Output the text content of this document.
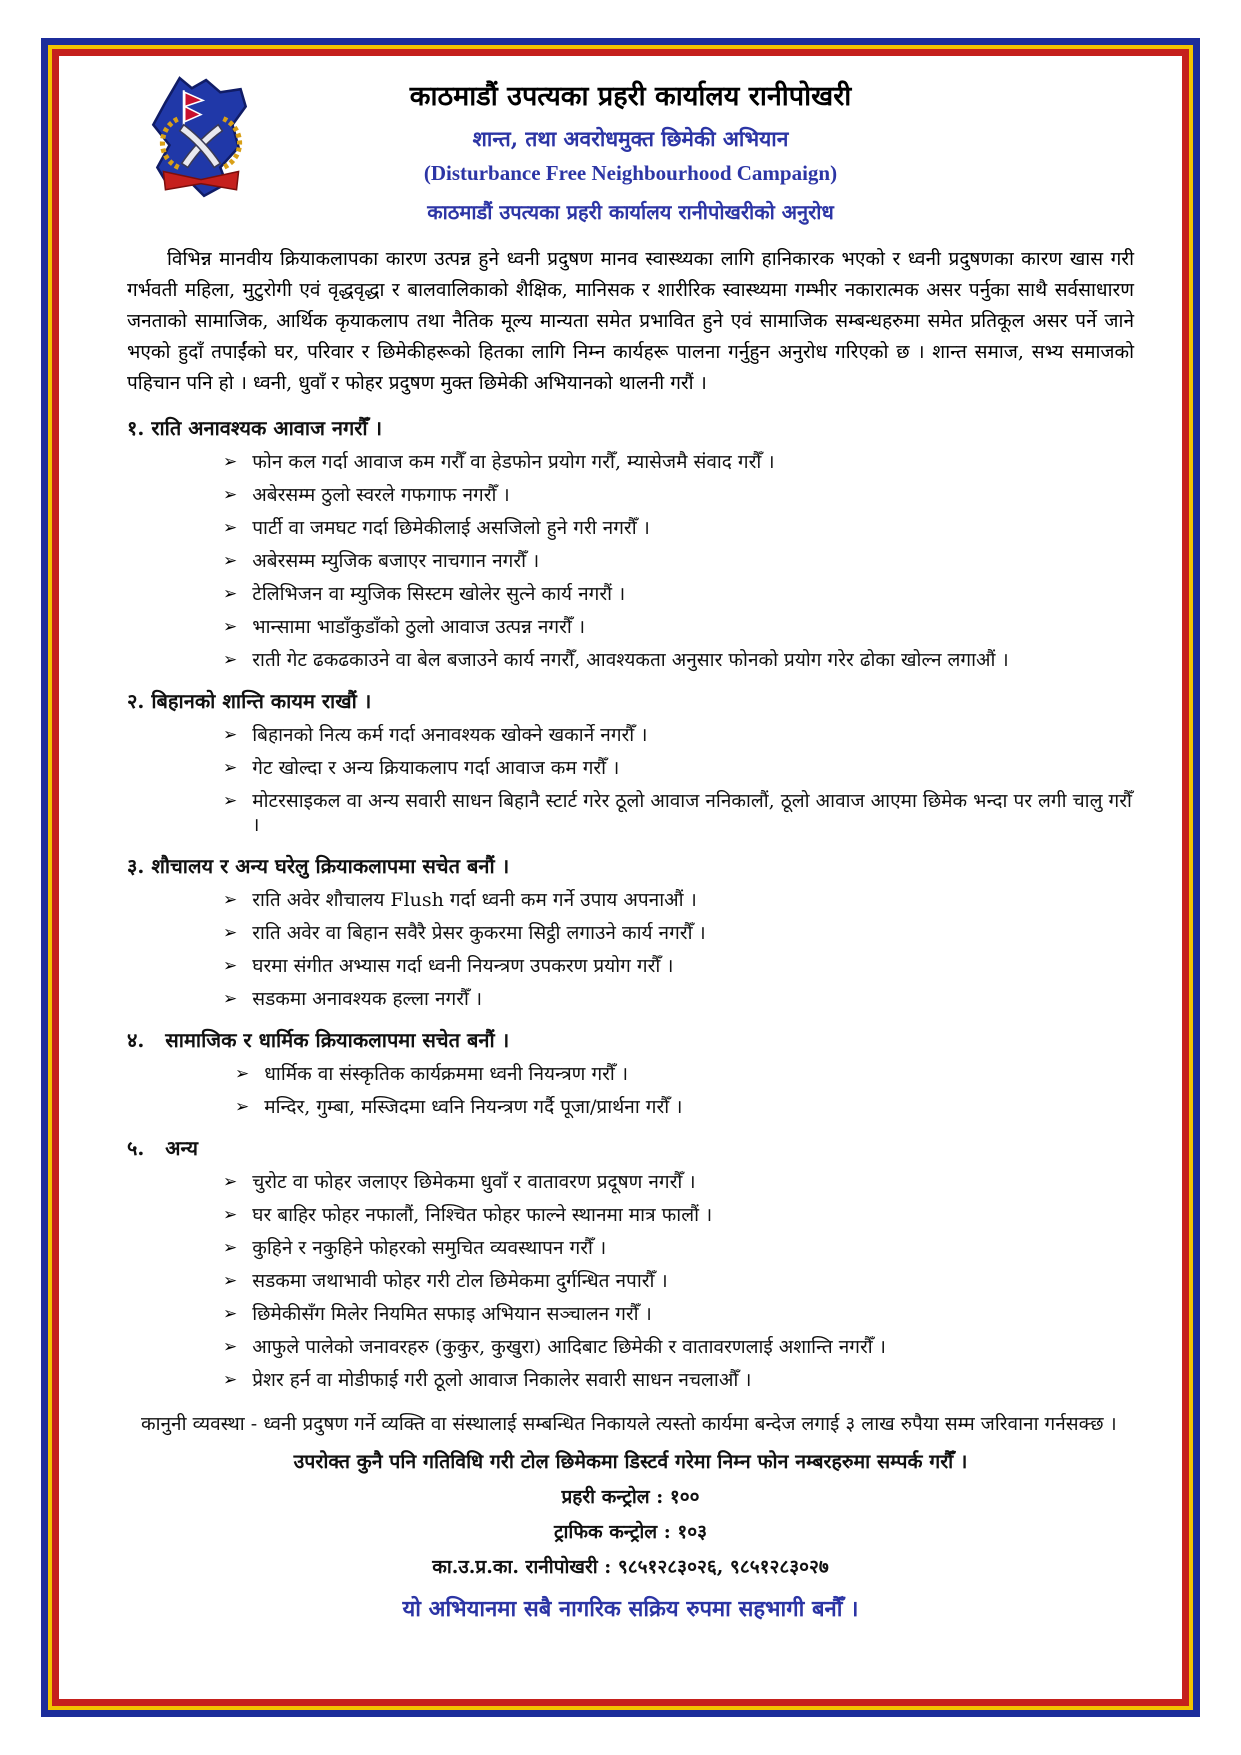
काठमाडौं उपत्यका प्रहरी कार्यालय रानीपोखरी
शान्त, तथा अवरोधमुक्त छिमेकी अभियान
(Disturbance Free Neighbourhood Campaign)
काठमाडौं उपत्यका प्रहरी कार्यालय रानीपोखरीको अनुरोध
विभिन्न मानवीय क्रियाकलापका कारण उत्पन्न हुने ध्वनी प्रदुषण मानव स्वास्थ्यका लागि हानिकारक भएको र ध्वनी प्रदुषणका कारण खास गरी गर्भवती महिला, मुटुरोगी एवं वृद्धवृद्धा र बालवालिकाको शैक्षिक, मानिसक र शारीरिक स्वास्थ्यमा गम्भीर नकारात्मक असर पर्नुका साथै सर्वसाधारण जनताको सामाजिक, आर्थिक कृयाकलाप तथा नैतिक मूल्य मान्यता समेत प्रभावित हुने एवं सामाजिक सम्बन्धहरुमा समेत प्रतिकूल असर पर्ने जाने भएको हुदाँ तपाईंको घर, परिवार र छिमेकीहरूको हितका लागि निम्न कार्यहरू पालना गर्नुहुन अनुरोध गरिएको छ । शान्त समाज, सभ्य समाजको पहिचान पनि हो । ध्वनी, धुवाँ र फोहर प्रदुषण मुक्त छिमेकी अभियानको थालनी गरौं ।
१. राति अनावश्यक आवाज नगरौँ ।
➢ फोन कल गर्दा आवाज कम गरौँ वा हेडफोन प्रयोग गरौँ, म्यासेजमै संवाद गरौँ ।
➢ अबेरसम्म ठुलो स्वरले गफगाफ नगरौँ ।
➢ पार्टी वा जमघट गर्दा छिमेकीलाई असजिलो हुने गरी नगरौँ ।
➢ अबेरसम्म म्युजिक बजाएर नाचगान नगरौँ ।
➢ टेलिभिजन वा म्युजिक सिस्टम खोलेर सुत्ने कार्य नगरौं ।
➢ भान्सामा भाडाँकुडाँको ठुलो आवाज उत्पन्न नगरौँ ।
➢ राती गेट ढकढकाउने वा बेल बजाउने कार्य नगरौँ, आवश्यकता अनुसार फोनको प्रयोग गरेर ढोका खोल्न लगाऔं ।
२. बिहानको शान्ति कायम राखौं ।
➢ बिहानको नित्य कर्म गर्दा अनावश्यक खोक्ने खकार्ने नगरौँ ।
➢ गेट खोल्दा र अन्य क्रियाकलाप गर्दा आवाज कम गरौँ ।
➢ मोटरसाइकल वा अन्य सवारी साधन बिहानै स्टार्ट गरेर ठूलो आवाज ननिकालौं, ठूलो आवाज आएमा छिमेक भन्दा पर लगी चालु गरौँ ।
३. शौचालय र अन्य घरेलु क्रियाकलापमा सचेत बनौं ।
➢ राति अवेर शौचालय Flush गर्दा ध्वनी कम गर्ने उपाय अपनाऔं ।
➢ राति अवेर वा बिहान सवैरै प्रेसर कुकरमा सिट्ठी लगाउने कार्य नगरौँ ।
➢ घरमा संगीत अभ्यास गर्दा ध्वनी नियन्त्रण उपकरण प्रयोग गरौँ ।
➢ सडकमा अनावश्यक हल्ला नगरौँ ।
४.   सामाजिक र धार्मिक क्रियाकलापमा सचेत बनौं ।
➢ धार्मिक वा संस्कृतिक कार्यक्रममा ध्वनी नियन्त्रण गरौँ ।
➢ मन्दिर, गुम्बा, मस्जिदमा ध्वनि नियन्त्रण गर्दै पूजा/प्रार्थना गरौँ ।
५.   अन्य
➢ चुरोट वा फोहर जलाएर छिमेकमा धुवाँ र वातावरण प्रदूषण नगरौँ ।
➢ घर बाहिर फोहर नफालौं, निश्चित फोहर फाल्ने स्थानमा मात्र फालौं ।
➢ कुहिने र नकुहिने फोहरको समुचित व्यवस्थापन गरौँ ।
➢ सडकमा जथाभावी फोहर गरी टोल छिमेकमा दुर्गन्धित नपारौँ ।
➢ छिमेकीसँग मिलेर नियमित सफाइ अभियान सञ्चालन गरौँ ।
➢ आफुले पालेको जनावरहरु (कुकुर, कुखुरा) आदिबाट छिमेकी र वातावरणलाई अशान्ति नगरौँ ।
➢ प्रेशर हर्न वा मोडीफाई गरी ठूलो आवाज निकालेर सवारी साधन नचलाऔँ ।
कानुनी व्यवस्था - ध्वनी प्रदुषण गर्ने व्यक्ति वा संस्थालाई सम्बन्धित निकायले त्यस्तो कार्यमा बन्देज लगाई ३ लाख रुपैया सम्म जरिवाना गर्नसक्छ ।
उपरोक्त कुनै पनि गतिविधि गरी टोल छिमेकमा डिस्टर्व गरेमा निम्न फोन नम्बरहरुमा सम्पर्क गरौँ ।
प्रहरी कन्ट्रोल : १००
ट्राफिक कन्ट्रोल : १०३
का.उ.प्र.का. रानीपोखरी : ९८५१२८३०२६, ९८५१२८३०२७
यो अभियानमा सबै नागरिक सक्रिय रुपमा सहभागी बनौँ ।
